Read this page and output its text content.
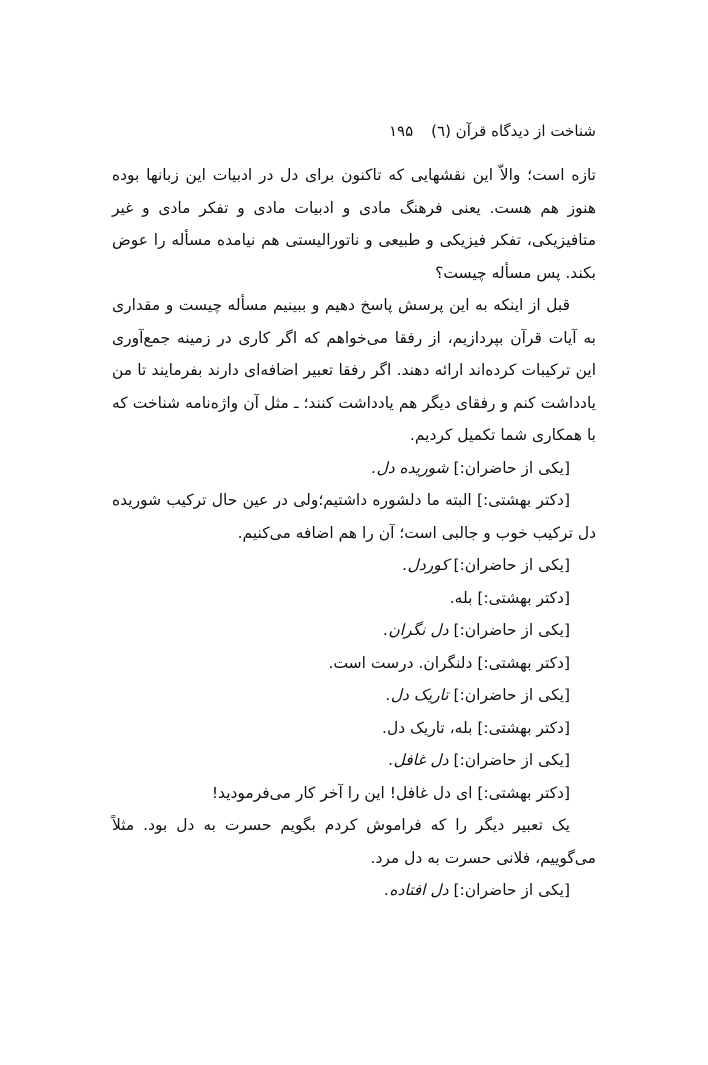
شناخت از دیدگاه قرآن (٦)
۱۹۵

تازه است؛ والاّ این نقشهایی که تاکنون برای دل در ادبیات این زبانها بوده هنوز هم هست. یعنی فرهنگ مادی و ادبیات مادی و تفکر مادی و غیر متافیزیکی، تفکر فیزیکی و طبیعی و ناتورالیستی هم نیامده مسأله را عوض بکند. پس مسأله چیست؟

قبل از اینکه به این پرسش پاسخ دهیم و ببینیم مسأله چیست و مقداری به آیات قرآن بپردازیم، از رفقا می‌خواهم که اگر کاری در زمینه جمع‌آوری این ترکیبات کرده‌اند ارائه دهند. اگر رفقا تعبیر اضافه‌ای دارند بفرمایند تا من یادداشت کنم و رفقای دیگر هم یادداشت کنند؛ ـ مثل آن واژه‌نامه شناخت که با همکاری شما تکمیل کردیم.

[یکی از حاضران:] شوریده دل.

[دکتر بهشتی:] البته ما دلشوره داشتیم؛ولی در عین حال ترکیب شوریده دل ترکیب خوب و جالبی است؛ آن را هم اضافه می‌کنیم.

[یکی از حاضران:] کوردل.

[دکتر بهشتی:] بله.

[یکی از حاضران:] دل نگران.

[دکتر بهشتی:] دلنگران. درست است.

[یکی از حاضران:] تاریک دل.

[دکتر بهشتی:] بله، تاریک دل.

[یکی از حاضران:] دل غافل.

[دکتر بهشتی:] ای دل غافل! این را آخر کار می‌فرمودید!

یک تعبیر دیگر را که فراموش کردم بگویم حسرت به دل بود. مثلاً می‌گوییم، فلانی حسرت به دل مرد.

[یکی از حاضران:] دل افتاده.
